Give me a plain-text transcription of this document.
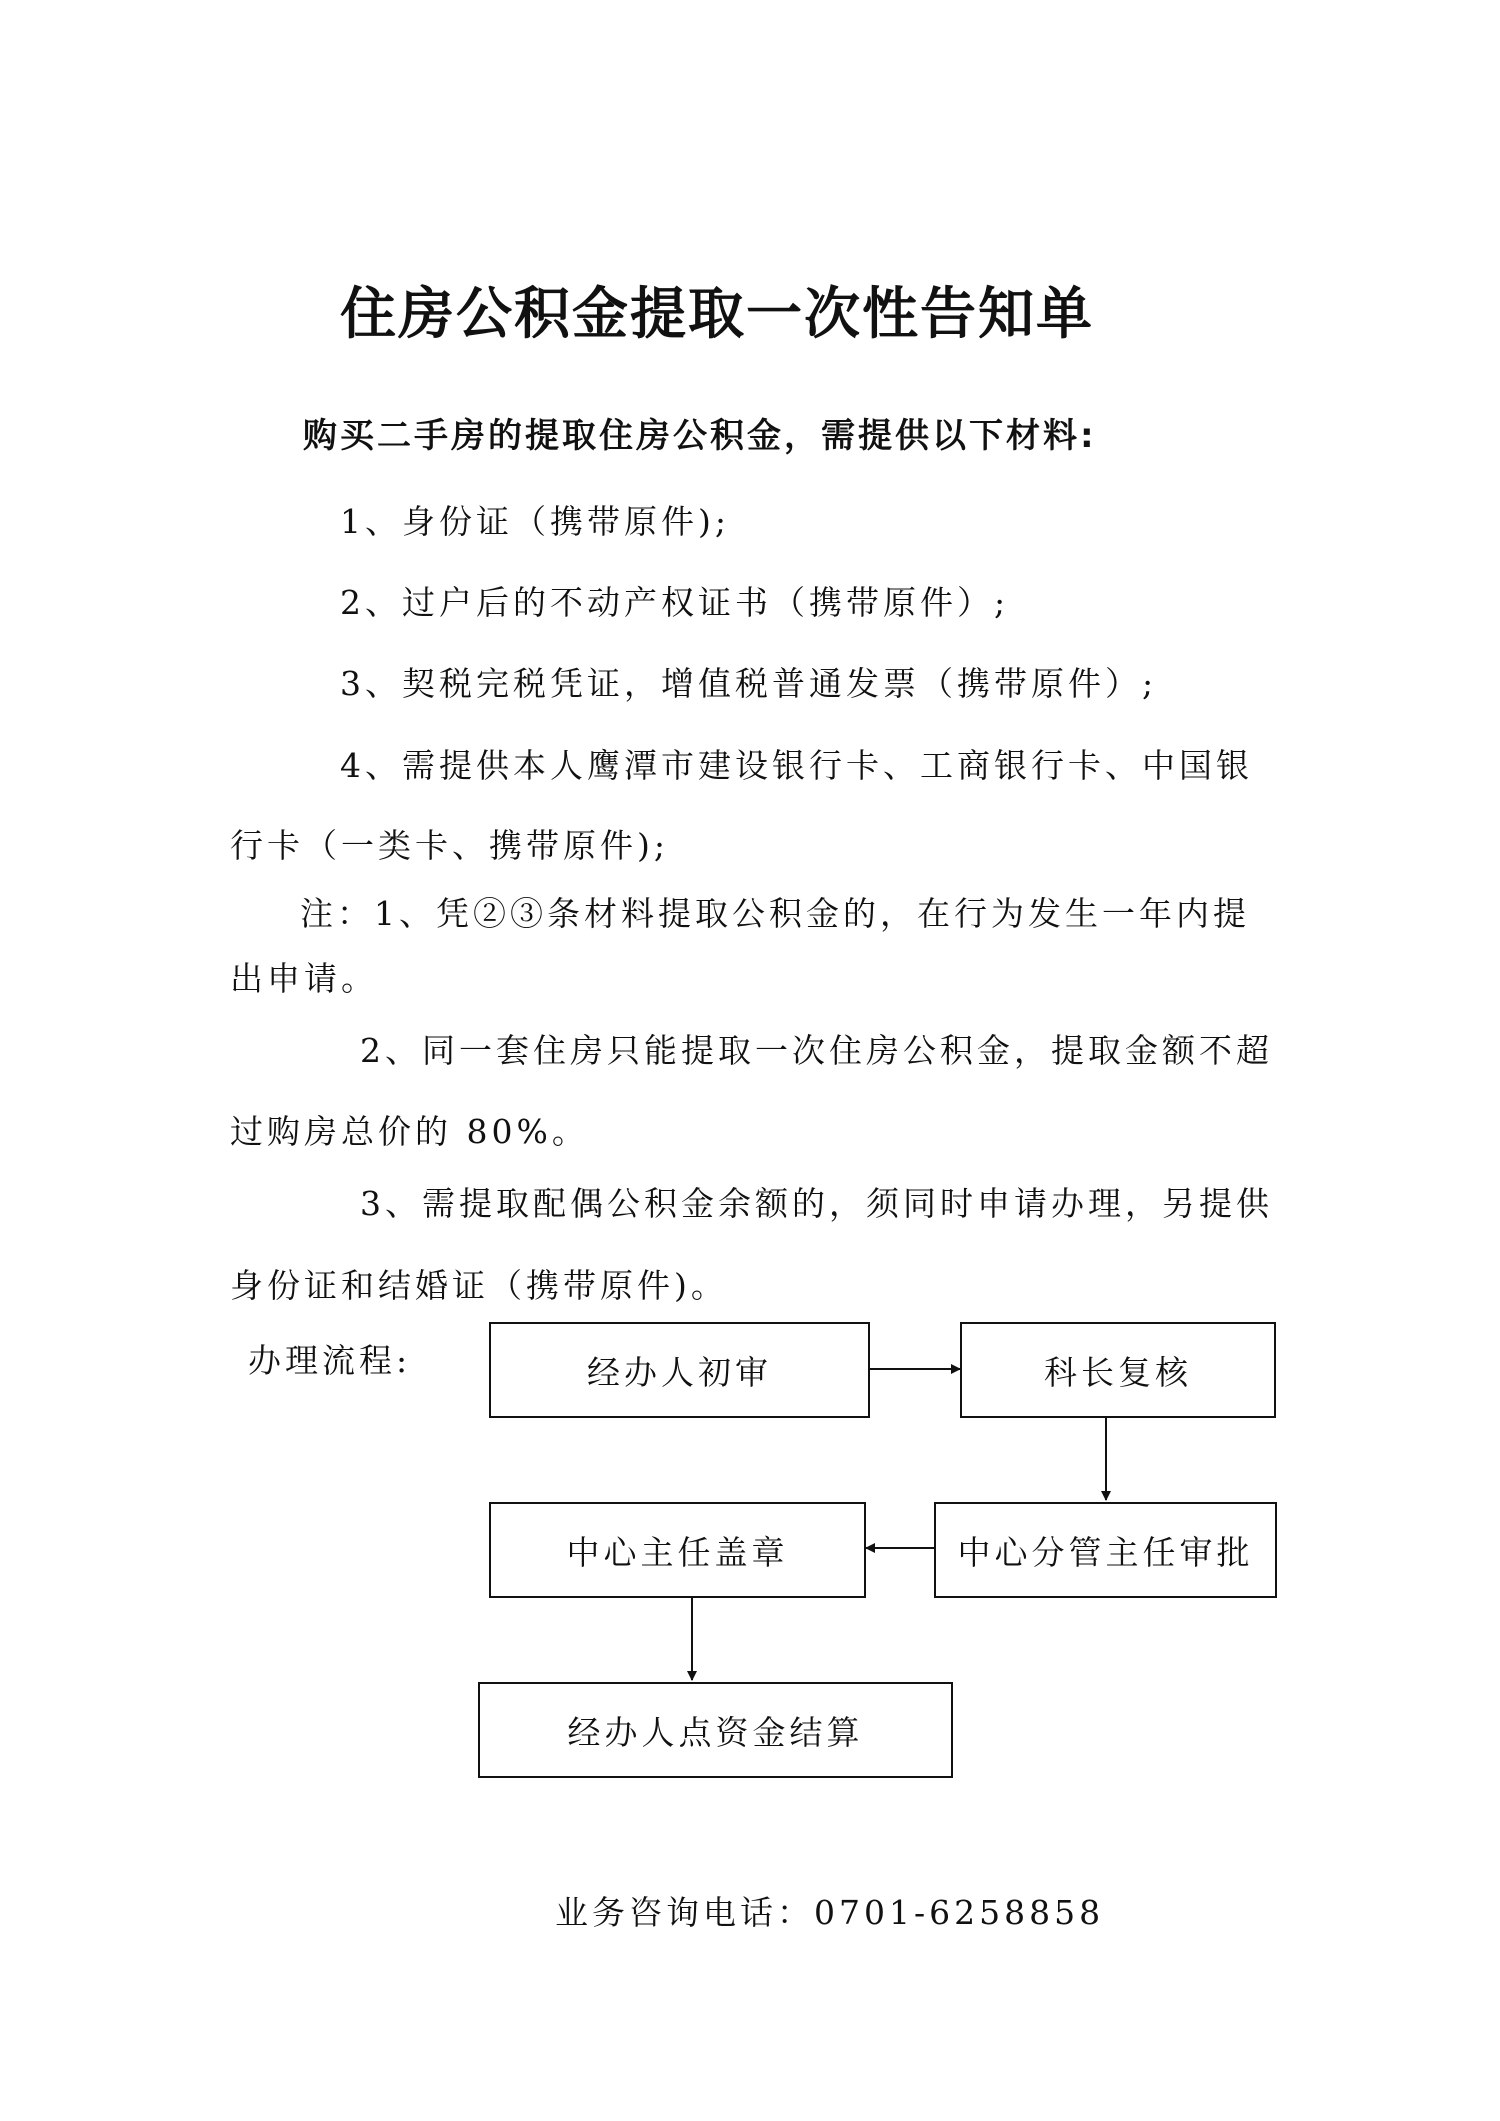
住房公积金提取一次性告知单
购买二手房的提取住房公积金，需提供以下材料:
1、身份证（携带原件);
2、过户后的不动产权证书（携带原件）;
3、契税完税凭证，增值税普通发票（携带原件）;
4、需提供本人鹰潭市建设银行卡、工商银行卡、中国银
行卡（一类卡、携带原件);
注：1、凭②③条材料提取公积金的，在行为发生一年内提
出申请。
2、同一套住房只能提取一次住房公积金，提取金额不超
过购房总价的 80%。
3、需提取配偶公积金余额的，须同时申请办理，另提供
身份证和结婚证（携带原件)。
办理流程:	经办人初审	科长复核
中心分管主任审批
中心主任盖章
经办人点资金结算
业务咨询电话：0701-6258858
